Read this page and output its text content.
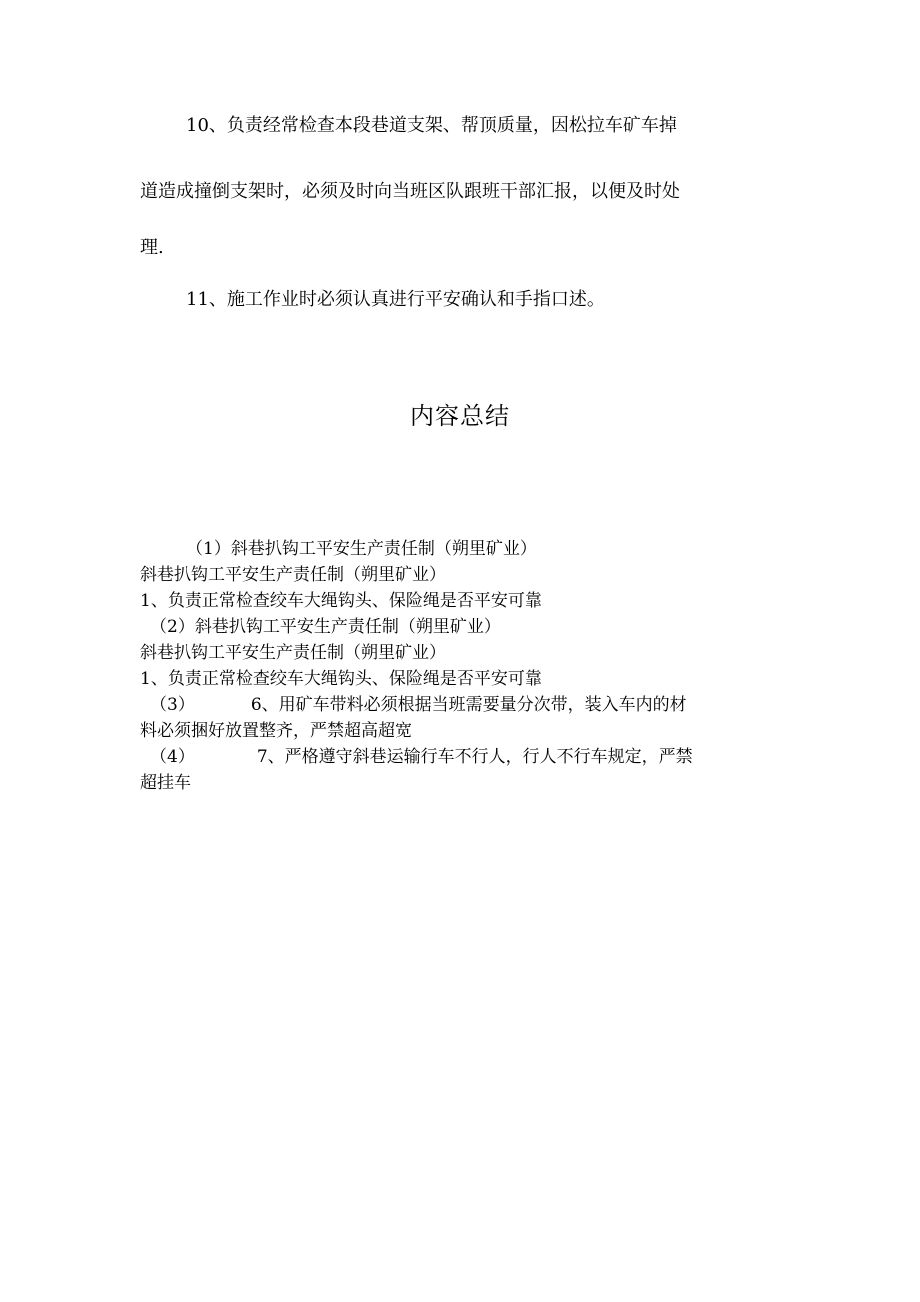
10、负责经常检查本段巷道支架、帮顶质量，因松拉车矿车掉
道造成撞倒支架时，必须及时向当班区队跟班干部汇报，以便及时处
理.
11、施工作业时必须认真进行平安确认和手指口述。
内容总结
（1）斜巷扒钩工平安生产责任制（朔里矿业）
斜巷扒钩工平安生产责任制（朔里矿业）
1、负责正常检查绞车大绳钩头、保险绳是否平安可靠
（2）斜巷扒钩工平安生产责任制（朔里矿业）
斜巷扒钩工平安生产责任制（朔里矿业）
1、负责正常检查绞车大绳钩头、保险绳是否平安可靠
（3）	6、用矿车带料必须根据当班需要量分次带，装入车内的材
料必须捆好放置整齐，严禁超高超宽
（4）	7、严格遵守斜巷运输行车不行人，行人不行车规定，严禁
超挂车
